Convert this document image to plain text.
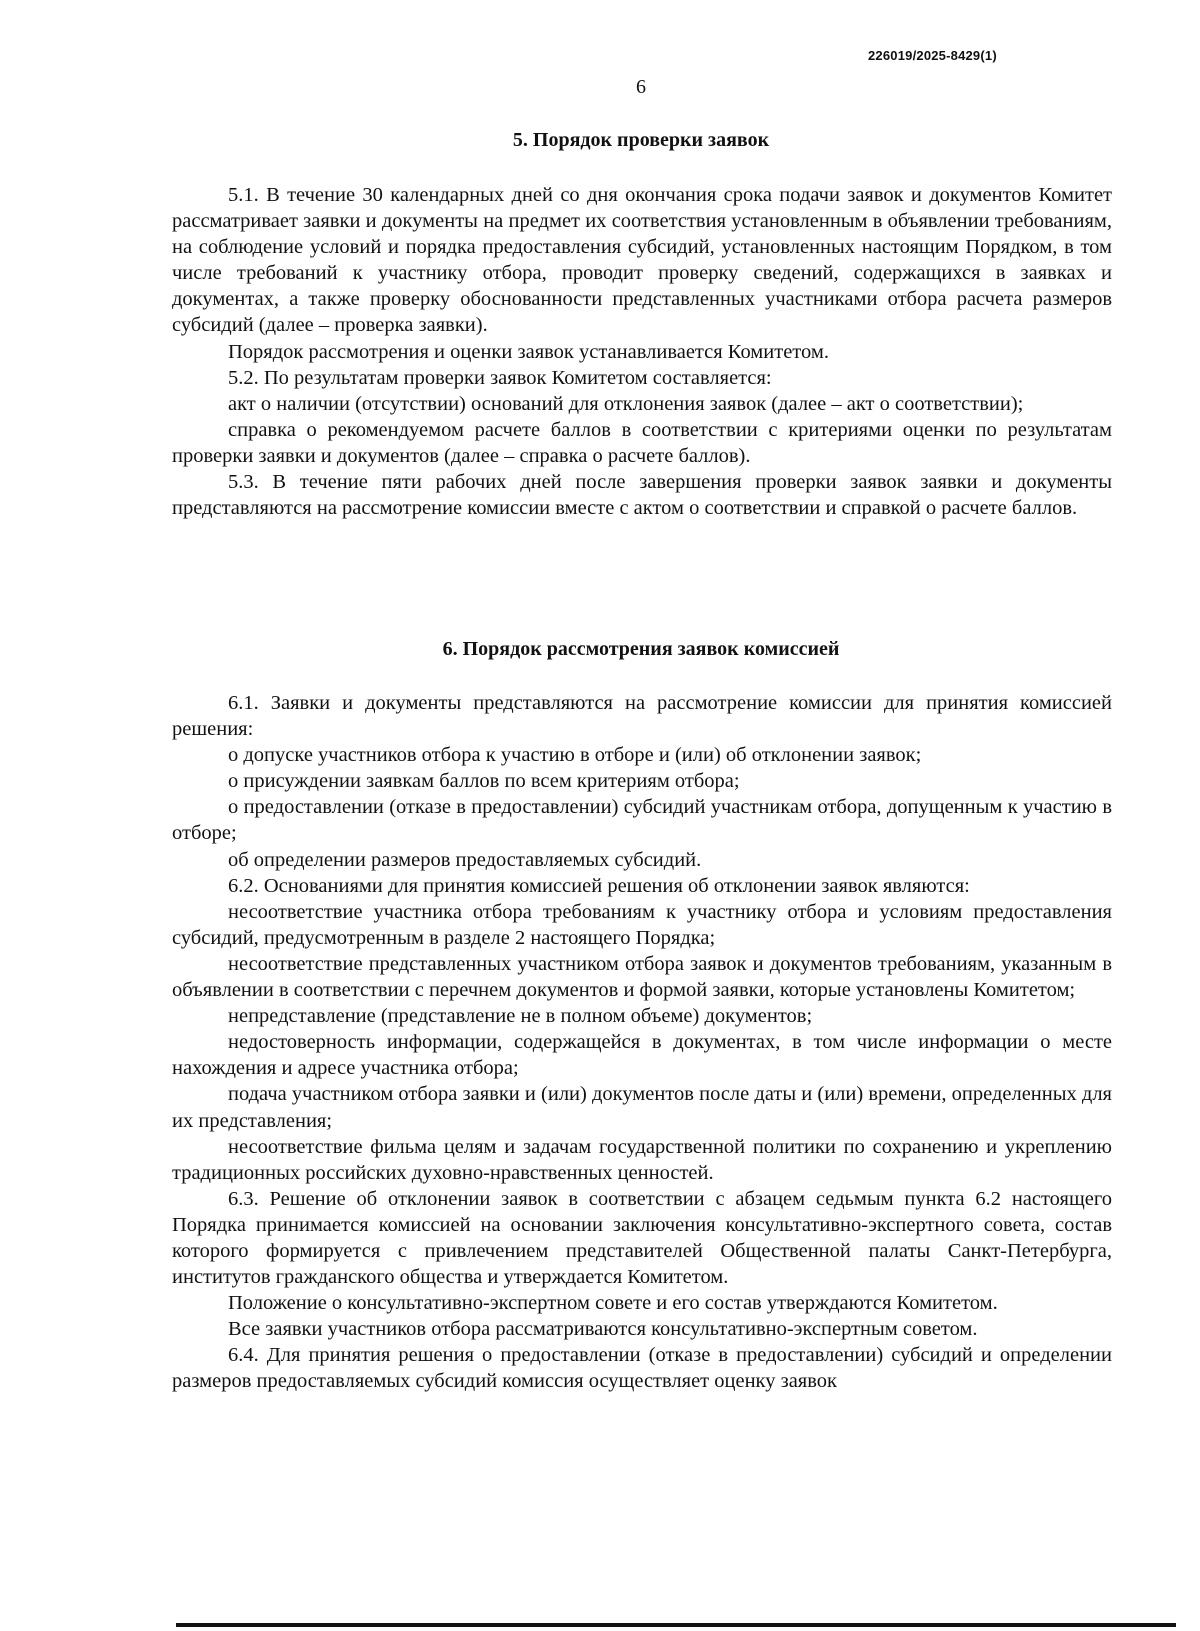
226019/2025-8429(1)
6
5. Порядок проверки заявок

5.1. В течение 30 календарных дней со дня окончания срока подачи заявок и документов Комитет рассматривает заявки и документы на предмет их соответствия установленным в объявлении требованиям, на соблюдение условий и порядка предоставления субсидий, установленных настоящим Порядком, в том числе требований к участнику отбора, проводит проверку сведений, содержащихся в заявках и документах, а также проверку обоснованности представленных участниками отбора расчета размеров субсидий (далее – проверка заявки).

Порядок рассмотрения и оценки заявок устанавливается Комитетом.

5.2. По результатам проверки заявок Комитетом составляется:

акт о наличии (отсутствии) оснований для отклонения заявок (далее – акт о соответствии);

справка о рекомендуемом расчете баллов в соответствии с критериями оценки по результатам проверки заявки и документов (далее – справка о расчете баллов).

5.3. В течение пяти рабочих дней после завершения проверки заявок заявки и документы представляются на рассмотрение комиссии вместе с актом о соответствии и справкой о расчете баллов.

6. Порядок рассмотрения заявок комиссией

6.1. Заявки и документы представляются на рассмотрение комиссии для принятия комиссией решения:

о допуске участников отбора к участию в отборе и (или) об отклонении заявок;

о присуждении заявкам баллов по всем критериям отбора;

о предоставлении (отказе в предоставлении) субсидий участникам отбора, допущенным к участию в отборе;

об определении размеров предоставляемых субсидий.

6.2. Основаниями для принятия комиссией решения об отклонении заявок являются:

несоответствие участника отбора требованиям к участнику отбора и условиям предоставления субсидий, предусмотренным в разделе 2 настоящего Порядка;

несоответствие представленных участником отбора заявок и документов требованиям, указанным в объявлении в соответствии с перечнем документов и формой заявки, которые установлены Комитетом;

непредставление (представление не в полном объеме) документов;

недостоверность информации, содержащейся в документах, в том числе информации о месте нахождения и адресе участника отбора;

подача участником отбора заявки и (или) документов после даты и (или) времени, определенных для их представления;

несоответствие фильма целям и задачам государственной политики по сохранению и укреплению традиционных российских духовно-нравственных ценностей.

6.3. Решение об отклонении заявок в соответствии с абзацем седьмым пункта 6.2 настоящего Порядка принимается комиссией на основании заключения консультативно-экспертного совета, состав которого формируется с привлечением представителей Общественной палаты Санкт-Петербурга, институтов гражданского общества и утверждается Комитетом.

Положение о консультативно-экспертном совете и его состав утверждаются Комитетом.

Все заявки участников отбора рассматриваются консультативно-экспертным советом.

6.4. Для принятия решения о предоставлении (отказе в предоставлении) субсидий и определении размеров предоставляемых субсидий комиссия осуществляет оценку заявок
